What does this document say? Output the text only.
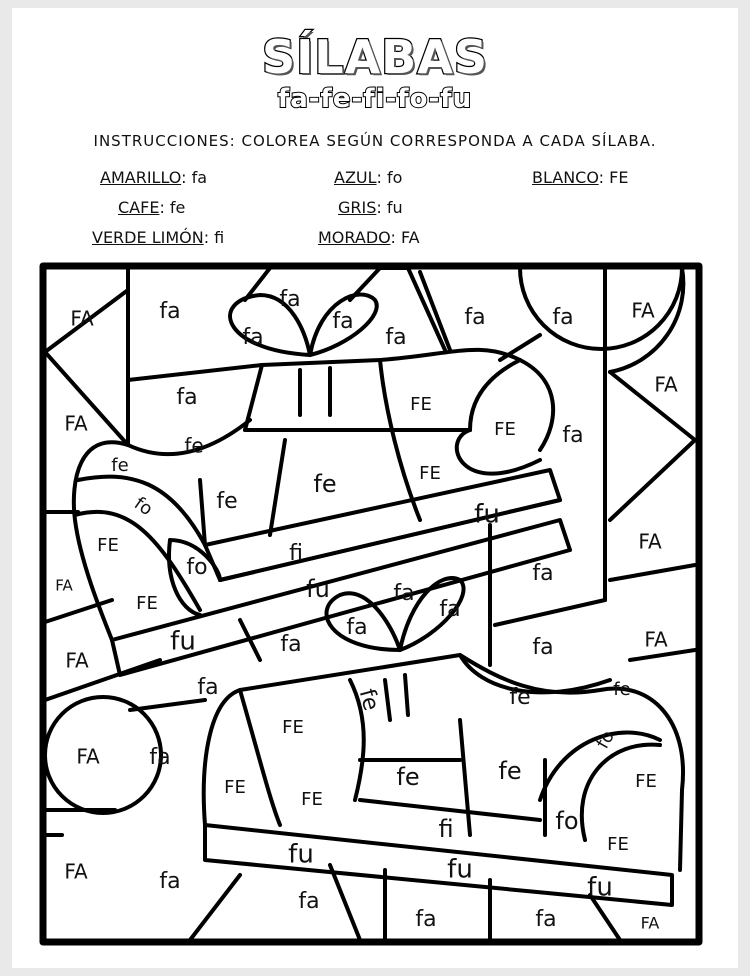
SÍLABAS
fa-fe-fi-fo-fu
INSTRUCCIONES: COLOREA SEGÚN CORRESPONDA A CADA SÍLABA.
AMARILLO: fa	AZUL: fo	BLANCO: FE
CAFE: fe	GRIS: fu
VERDE LIMÓN: fi	MORADO: FA
FA	fa	fa
fa
fa
fa
fa	fa	FA
FA
fa
fe
FE
FE fa
FA
fe
fe
FE
fe
fo	fu
FE
fo
fi
FA
FA
FE
fu
fa
fa
fa
fa
fu	fa	fa
FA
FA
fa	fe	fe
FE
fe
FA fa
fo
FE
FE
FE
fe	fe
fi	fo
FE
FA	fa
fu	fu
fu
fa
fa	fa	FA
